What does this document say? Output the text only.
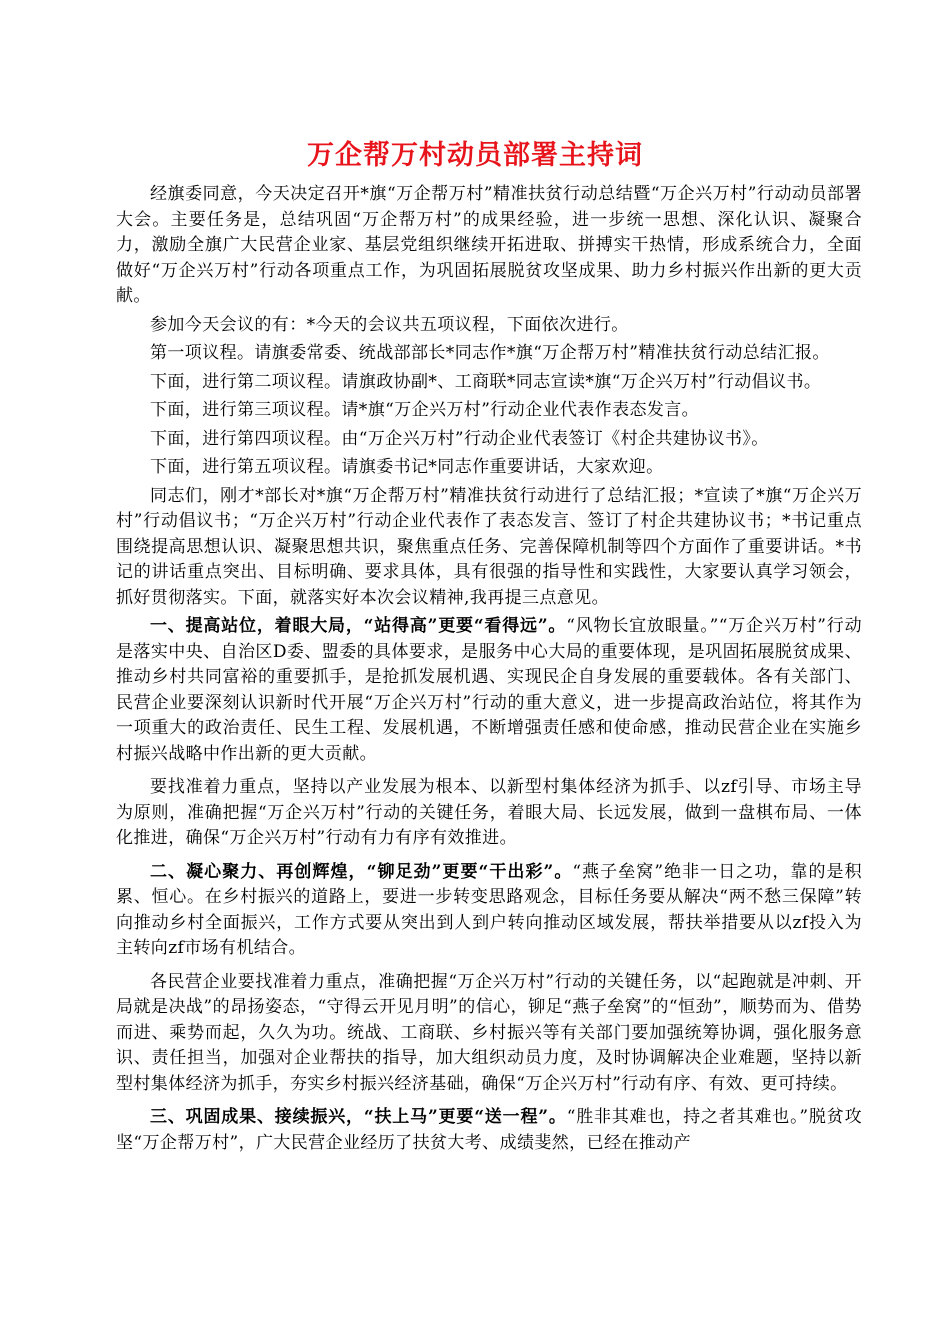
万企帮万村动员部署主持词

经旗委同意，今天决定召开*旗“万企帮万村”精准扶贫行动总结暨“万企兴万村”行动动员部署大会。主要任务是，总结巩固“万企帮万村”的成果经验，进一步统一思想、深化认识、凝聚合力，激励全旗广大民营企业家、基层党组织继续开拓进取、拼搏实干热情，形成系统合力，全面做好“万企兴万村”行动各项重点工作，为巩固拓展脱贫攻坚成果、助力乡村振兴作出新的更大贡献。

参加今天会议的有：*今天的会议共五项议程，下面依次进行。

第一项议程。请旗委常委、统战部部长*同志作*旗“万企帮万村”精准扶贫行动总结汇报。

下面，进行第二项议程。请旗政协副*、工商联*同志宣读*旗“万企兴万村”行动倡议书。

下面，进行第三项议程。请*旗“万企兴万村”行动企业代表作表态发言。

下面，进行第四项议程。由“万企兴万村”行动企业代表签订《村企共建协议书》。

下面，进行第五项议程。请旗委书记*同志作重要讲话，大家欢迎。

同志们，刚才*部长对*旗“万企帮万村”精准扶贫行动进行了总结汇报；*宣读了*旗“万企兴万村”行动倡议书；“万企兴万村”行动企业代表作了表态发言、签订了村企共建协议书；*书记重点围绕提高思想认识、凝聚思想共识，聚焦重点任务、完善保障机制等四个方面作了重要讲话。*书记的讲话重点突出、目标明确、要求具体，具有很强的指导性和实践性，大家要认真学习领会，抓好贯彻落实。下面，就落实好本次会议精神,我再提三点意见。

一、提高站位，着眼大局，“站得高”更要“看得远”。“风物长宜放眼量。”“万企兴万村”行动是落实中央、自治区D委、盟委的具体要求，是服务中心大局的重要体现，是巩固拓展脱贫成果、推动乡村共同富裕的重要抓手，是抢抓发展机遇、实现民企自身发展的重要载体。各有关部门、民营企业要深刻认识新时代开展“万企兴万村”行动的重大意义，进一步提高政治站位，将其作为一项重大的政治责任、民生工程、发展机遇，不断增强责任感和使命感，推动民营企业在实施乡村振兴战略中作出新的更大贡献。

要找准着力重点，坚持以产业发展为根本、以新型村集体经济为抓手、以zf引导、市场主导为原则，准确把握“万企兴万村”行动的关键任务，着眼大局、长远发展，做到一盘棋布局、一体化推进，确保“万企兴万村”行动有力有序有效推进。

二、凝心聚力、再创辉煌，“铆足劲”更要“干出彩”。“燕子垒窝”绝非一日之功，靠的是积累、恒心。在乡村振兴的道路上，要进一步转变思路观念，目标任务要从解决“两不愁三保障”转向推动乡村全面振兴，工作方式要从突出到人到户转向推动区域发展，帮扶举措要从以zf投入为主转向zf市场有机结合。

各民营企业要找准着力重点，准确把握“万企兴万村”行动的关键任务，以“起跑就是冲刺、开局就是决战”的昂扬姿态，“守得云开见月明”的信心，铆足“燕子垒窝”的“恒劲”，顺势而为、借势而进、乘势而起，久久为功。统战、工商联、乡村振兴等有关部门要加强统筹协调，强化服务意识、责任担当，加强对企业帮扶的指导，加大组织动员力度，及时协调解决企业难题，坚持以新型村集体经济为抓手，夯实乡村振兴经济基础，确保“万企兴万村”行动有序、有效、更可持续。

三、巩固成果、接续振兴，“扶上马”更要“送一程”。“胜非其难也，持之者其难也。”脱贫攻坚“万企帮万村”，广大民营企业经历了扶贫大考、成绩斐然，已经在推动产
